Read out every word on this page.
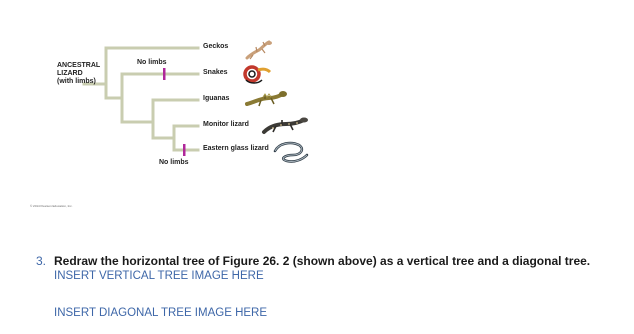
ANCESTRAL
LIZARD
(with limbs)
Geckos
Snakes
Iguanas
Monitor lizard
Eastern glass lizard
No limbs
No limbs
© 2014 Pearson Education, Inc.
3. Redraw the horizontal tree of Figure 26. 2 (shown above) as a vertical tree and a diagonal tree.
INSERT VERTICAL TREE IMAGE HERE
INSERT DIAGONAL TREE IMAGE HERE
